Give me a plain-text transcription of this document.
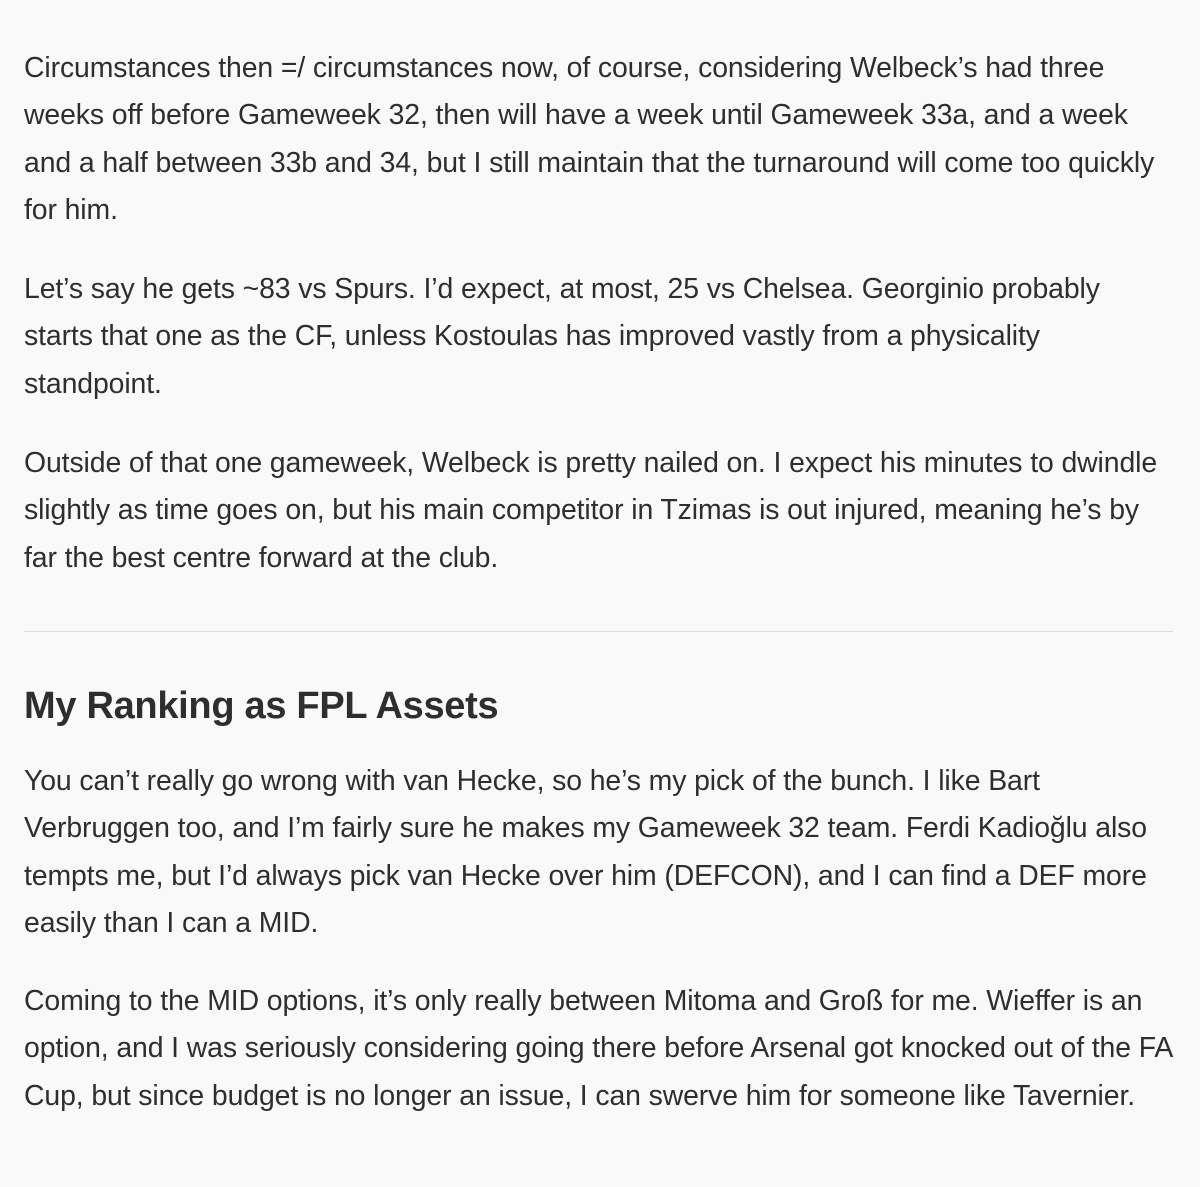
Circumstances then =/ circumstances now, of course, considering Welbeck’s had three weeks off before Gameweek 32, then will have a week until Gameweek 33a, and a week and a half between 33b and 34, but I still maintain that the turnaround will come too quickly for him.

Let’s say he gets ~83 vs Spurs. I’d expect, at most, 25 vs Chelsea. Georginio probably starts that one as the CF, unless Kostoulas has improved vastly from a physicality standpoint.

Outside of that one gameweek, Welbeck is pretty nailed on. I expect his minutes to dwindle slightly as time goes on, but his main competitor in Tzimas is out injured, meaning he’s by far the best centre forward at the club.

My Ranking as FPL Assets

You can’t really go wrong with van Hecke, so he’s my pick of the bunch. I like Bart Verbruggen too, and I’m fairly sure he makes my Gameweek 32 team. Ferdi Kadioğlu also tempts me, but I’d always pick van Hecke over him (DEFCON), and I can find a DEF more easily than I can a MID.

Coming to the MID options, it’s only really between Mitoma and Groß for me. Wieffer is an option, and I was seriously considering going there before Arsenal got knocked out of the FA Cup, but since budget is no longer an issue, I can swerve him for someone like Tavernier.
